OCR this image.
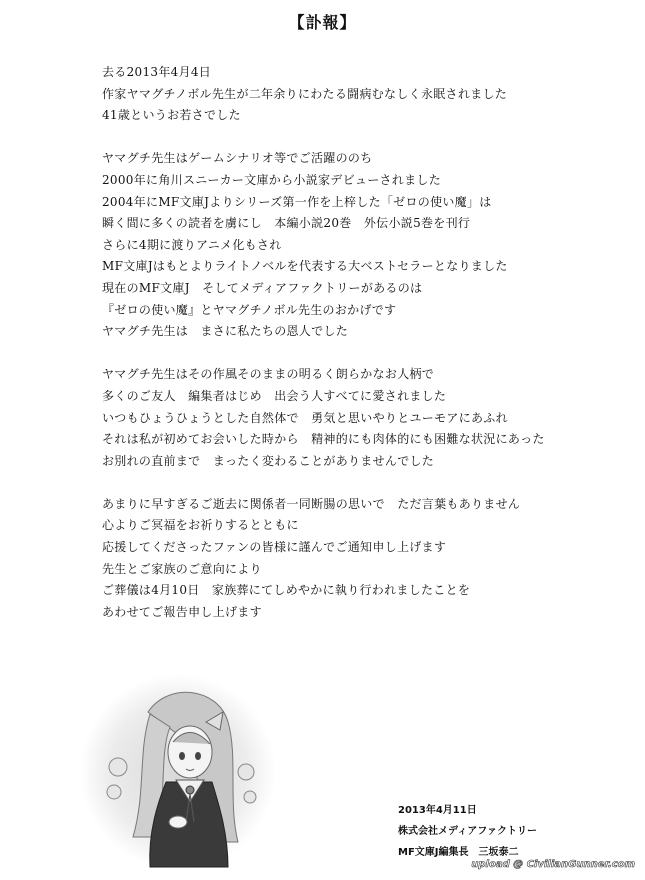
【訃報】
去る2013年4月4日
作家ヤマグチノボル先生が二年余りにわたる闘病むなしく永眠されました
41歳というお若さでした
ヤマグチ先生はゲームシナリオ等でご活躍ののち
2000年に角川スニーカー文庫から小説家デビューされました
2004年にMF文庫Jよりシリーズ第一作を上梓した「ゼロの使い魔」は
瞬く間に多くの読者を虜にし　本編小説20巻　外伝小説5巻を刊行
さらに4期に渡りアニメ化もされ
MF文庫Jはもとよりライトノベルを代表する大ベストセラーとなりました
現在のMF文庫J　そしてメディアファクトリーがあるのは
『ゼロの使い魔』とヤマグチノボル先生のおかげです
ヤマグチ先生は　まさに私たちの恩人でした
ヤマグチ先生はその作風そのままの明るく朗らかなお人柄で
多くのご友人　編集者はじめ　出会う人すべてに愛されました
いつもひょうひょうとした自然体で　勇気と思いやりとユーモアにあふれ
それは私が初めてお会いした時から　精神的にも肉体的にも困難な状況にあった
お別れの直前まで　まったく変わることがありませんでした
あまりに早すぎるご逝去に関係者一同断腸の思いで　ただ言葉もありません
心よりご冥福をお祈りするとともに
応援してくださったファンの皆様に謹んでご通知申し上げます
先生とご家族のご意向により
ご葬儀は4月10日　家族葬にてしめやかに執り行われましたことを
あわせてご報告申し上げます
2013年4月11日
株式会社メディアファクトリー
MF文庫J編集長　三坂泰二
upload @ CivilianGunner.com
